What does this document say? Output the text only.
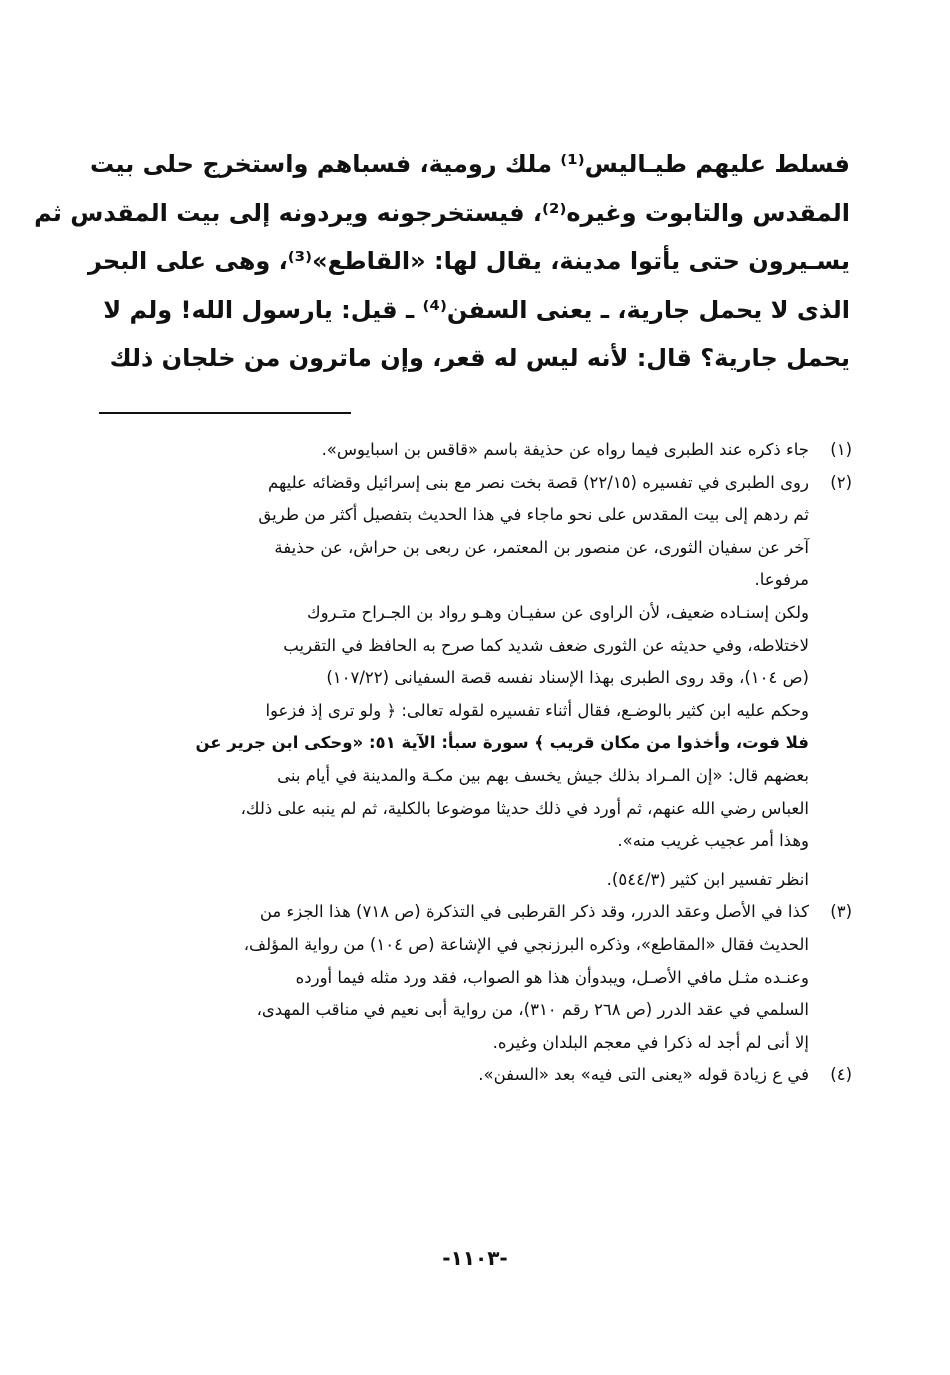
فسلط عليهم طيـاليس⁽¹⁾ ملك رومية، فسباهم واستخرج حلى بيت
المقدس والتابوت وغيره⁽²⁾، فيستخرجونه ويردونه إلى بيت المقدس ثم
يسـيرون حتى يأتوا مدينة، يقال لها: «القاطع»⁽³⁾، وهى على البحر
الذى لا يحمل جارية، ـ يعنى السفن⁽⁴⁾ ـ قيل: يارسول الله! ولم لا
يحمل جارية؟ قال: لأنه ليس له قعر، وإن ماترون من خلجان ذلك
(١)
جاء ذكره عند الطبرى فيما رواه عن حذيفة باسم «قاقس بن اسبايوس».
(٢)
روى الطبرى في تفسيره (٢٢/١٥) قصة بخت نصر مع بنى إسرائيل وقضائه عليهم
ثم ردهم إلى بيت المقدس على نحو ماجاء في هذا الحديث بتفصيل أكثر من طريق
آخر عن سفيان الثورى، عن منصور بن المعتمر، عن ربعى بن حراش، عن حذيفة
مرفوعا.
ولكن إسنـاده ضعيف، لأن الراوى عن سفيـان وهـو رواد بن الجـراح متـروك
لاختلاطه، وفي حديثه عن الثورى ضعف شديد كما صرح به الحافظ في التقريب
(ص ١٠٤)، وقد روى الطبرى بهذا الإسناد نفسه قصة السفيانى (١٠٧/٢٢)
وحكم عليه ابن كثير بالوضـع، فقال أثناء تفسيره لقوله تعالى: ﴿ ولو ترى إذ فزعوا
فلا فوت، وأخذوا من مكان قريب ﴾ سورة سبأ: الآية ٥١: «وحكى ابن جرير عن
بعضهم قال: «إن المـراد بذلك جيش يخسف بهم بين مكـة والمدينة في أيام بنى
العباس رضي الله عنهم، ثم أورد في ذلك حديثا موضوعا بالكلية، ثم لم ينبه على ذلك،
وهذا أمر عجيب غريب منه».
انظر تفسير ابن كثير (٥٤٤/٣).
(٣)
كذا في الأصل وعقد الدرر، وقد ذكر القرطبى في التذكرة (ص ٧١٨) هذا الجزء من
الحديث فقال «المقاطع»، وذكره البرزنجي في الإشاعة (ص ١٠٤) من رواية المؤلف،
وعنـده مثـل مافي الأصـل، ويبدوأن هذا هو الصواب، فقد ورد مثله فيما أورده
السلمي في عقد الدرر (ص ٢٦٨ رقم ٣١٠)، من رواية أبى نعيم في مناقب المهدى،
إلا أنى لم أجد له ذكرا في معجم البلدان وغيره.
(٤)
في ع زيادة قوله «يعنى التى فيه» بعد «السفن».
-١١٠٣-
